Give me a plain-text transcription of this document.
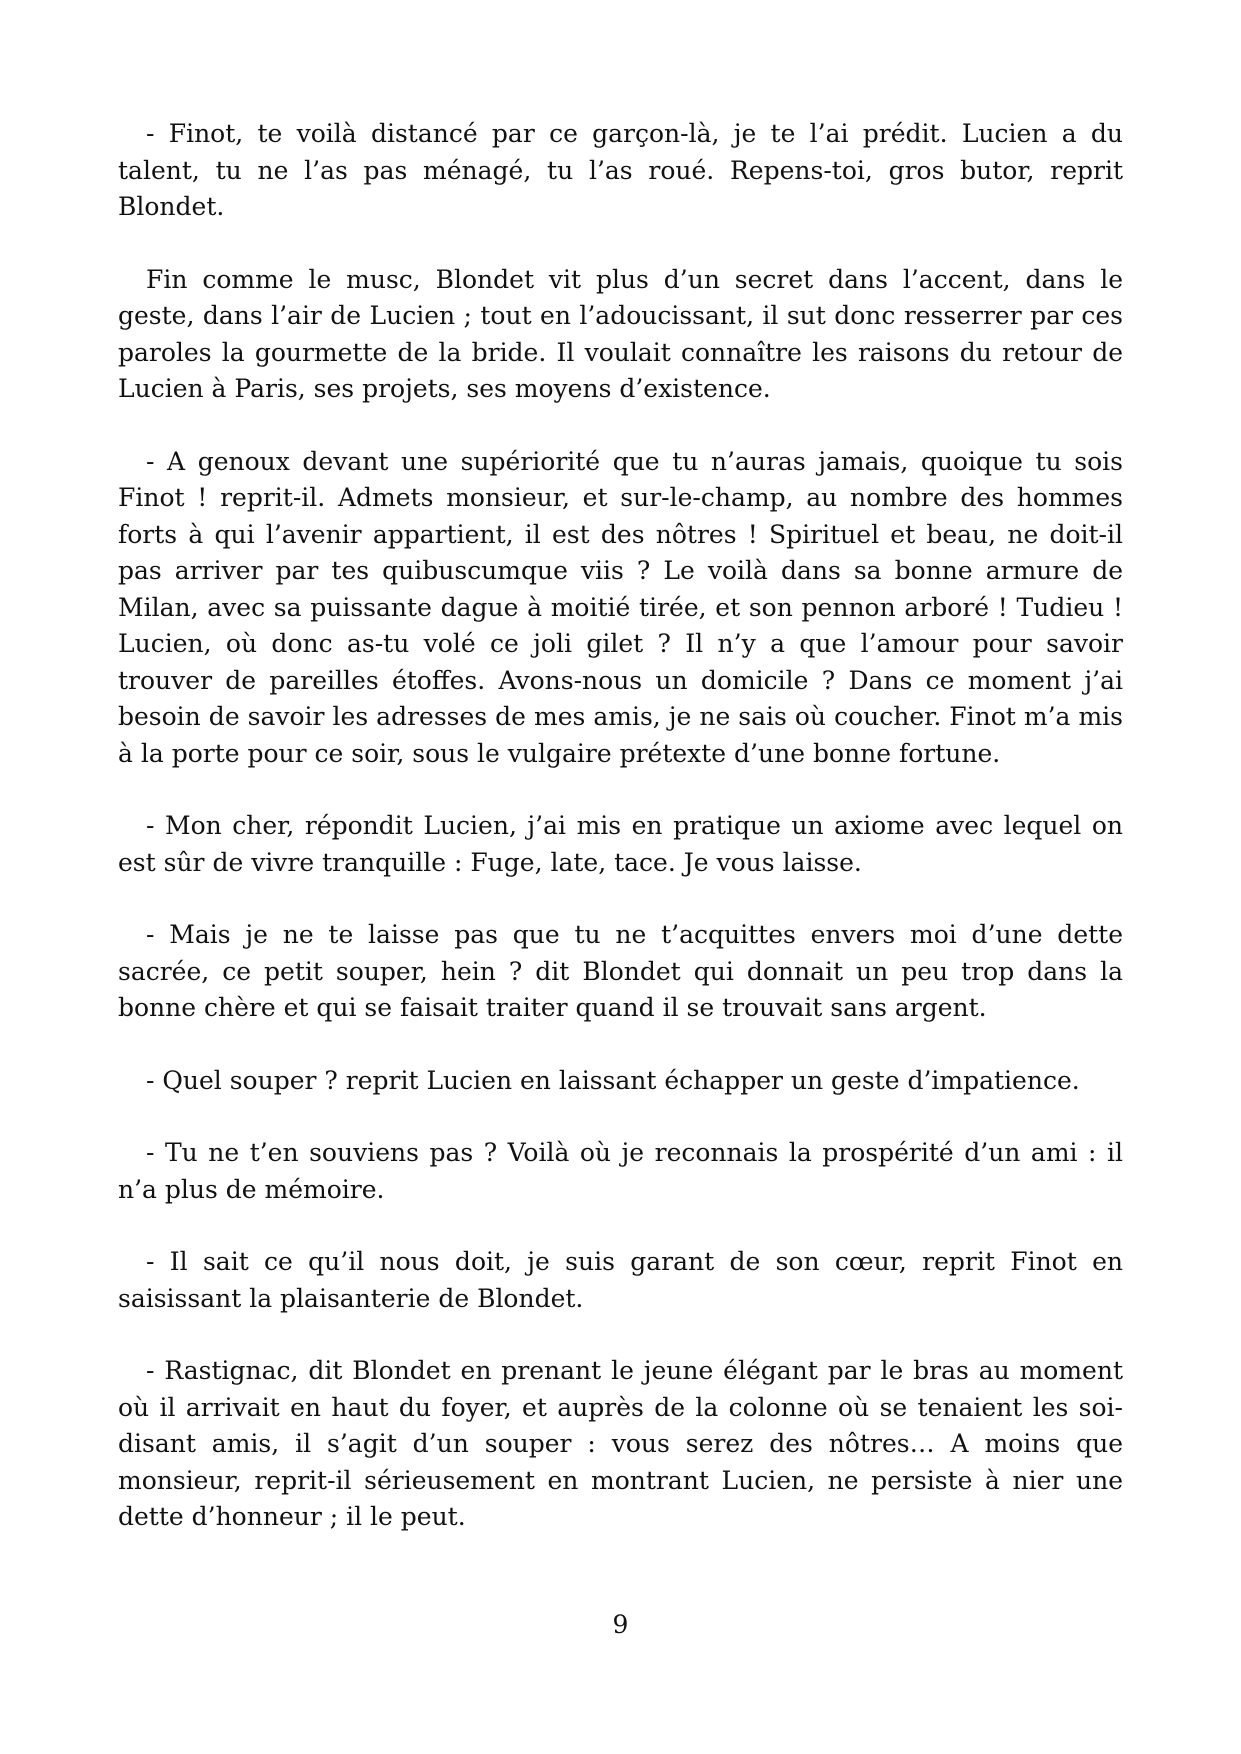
- Finot, te voilà distancé par ce garçon-là, je te l’ai prédit. Lucien a du talent, tu ne l’as pas ménagé, tu l’as roué. Repens-toi, gros butor, reprit Blondet.

Fin comme le musc, Blondet vit plus d’un secret dans l’accent, dans le geste, dans l’air de Lucien ; tout en l’adoucissant, il sut donc resserrer par ces paroles la gourmette de la bride. Il voulait connaître les raisons du retour de Lucien à Paris, ses projets, ses moyens d’existence.

- A genoux devant une supériorité que tu n’auras jamais, quoique tu sois Finot ! reprit-il. Admets monsieur, et sur-le-champ, au nombre des hommes forts à qui l’avenir appartient, il est des nôtres ! Spirituel et beau, ne doit-il pas arriver par tes quibuscumque viis ? Le voilà dans sa bonne armure de Milan, avec sa puissante dague à moitié tirée, et son pennon arboré ! Tudieu ! Lucien, où donc as-tu volé ce joli gilet ? Il n’y a que l’amour pour savoir trouver de pareilles étoffes. Avons-nous un domicile ? Dans ce moment j’ai besoin de savoir les adresses de mes amis, je ne sais où coucher. Finot m’a mis à la porte pour ce soir, sous le vulgaire prétexte d’une bonne fortune.

- Mon cher, répondit Lucien, j’ai mis en pratique un axiome avec lequel on est sûr de vivre tranquille : Fuge, late, tace. Je vous laisse.

- Mais je ne te laisse pas que tu ne t’acquittes envers moi d’une dette sacrée, ce petit souper, hein ? dit Blondet qui donnait un peu trop dans la bonne chère et qui se faisait traiter quand il se trouvait sans argent.

- Quel souper ? reprit Lucien en laissant échapper un geste d’impatience.

- Tu ne t’en souviens pas ? Voilà où je reconnais la prospérité d’un ami : il n’a plus de mémoire.

- Il sait ce qu’il nous doit, je suis garant de son cœur, reprit Finot en saisissant la plaisanterie de Blondet.

- Rastignac, dit Blondet en prenant le jeune élégant par le bras au moment où il arrivait en haut du foyer, et auprès de la colonne où se tenaient les soi-disant amis, il s’agit d’un souper : vous serez des nôtres… A moins que monsieur, reprit-il sérieusement en montrant Lucien, ne persiste à nier une dette d’honneur ; il le peut.

9
